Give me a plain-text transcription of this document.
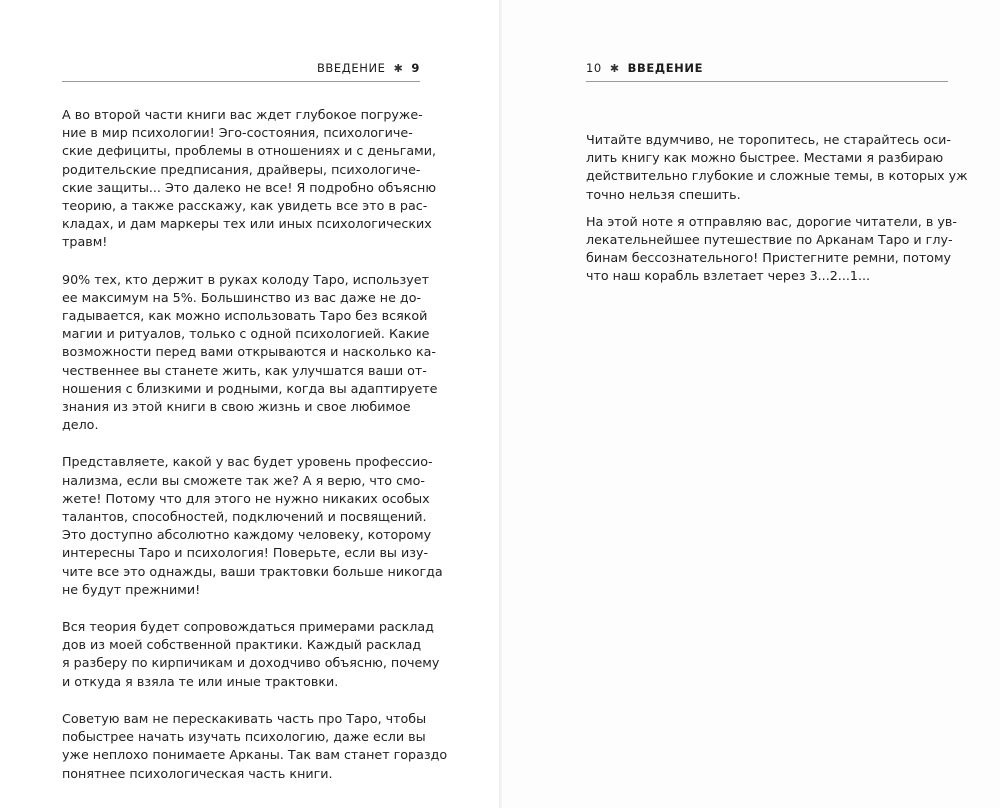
ВВЕДЕНИЕ ✱ 9

А во второй части книги вас ждет глубокое погруже-
ние в мир психологии! Эго-состояния, психологиче-
ские дефициты, проблемы в отношениях и с деньгами,
родительские предписания, драйверы, психологиче-
ские защиты... Это далеко не все! Я подробно объясню
теорию, а также расскажу, как увидеть все это в рас-
кладах, и дам маркеры тех или иных психологических
травм!

90% тех, кто держит в руках колоду Таро, использует
ее максимум на 5%. Большинство из вас даже не до-
гадывается, как можно использовать Таро без всякой
магии и ритуалов, только с одной психологией. Какие
возможности перед вами открываются и насколько ка-
чественнее вы станете жить, как улучшатся ваши от-
ношения с близкими и родными, когда вы адаптируете
знания из этой книги в свою жизнь и свое любимое
дело.

Представляете, какой у вас будет уровень профессио-
нализма, если вы сможете так же? А я верю, что смо-
жете! Потому что для этого не нужно никаких особых
талантов, способностей, подключений и посвящений.
Это доступно абсолютно каждому человеку, которому
интересны Таро и психология! Поверьте, если вы изу-
чите все это однажды, ваши трактовки больше никогда
не будут прежними!

Вся теория будет сопровождаться примерами расклад
дов из моей собственной практики. Каждый расклад
я разберу по кирпичикам и доходчиво объясню, почему
и откуда я взяла те или иные трактовки.

Советую вам не перескакивать часть про Таро, чтобы
побыстрее начать изучать психологию, даже если вы
уже неплохо понимаете Арканы. Так вам станет гораздо
понятнее психологическая часть книги.

10 ✱ ВВЕДЕНИЕ

Читайте вдумчиво, не торопитесь, не старайтесь оси-
лить книгу как можно быстрее. Местами я разбираю
действительно глубокие и сложные темы, в которых уж
точно нельзя спешить.

На этой ноте я отправляю вас, дорогие читатели, в ув-
лекательнейшее путешествие по Арканам Таро и глу-
бинам бессознательного! Пристегните ремни, потому
что наш корабль взлетает через 3...2...1...
